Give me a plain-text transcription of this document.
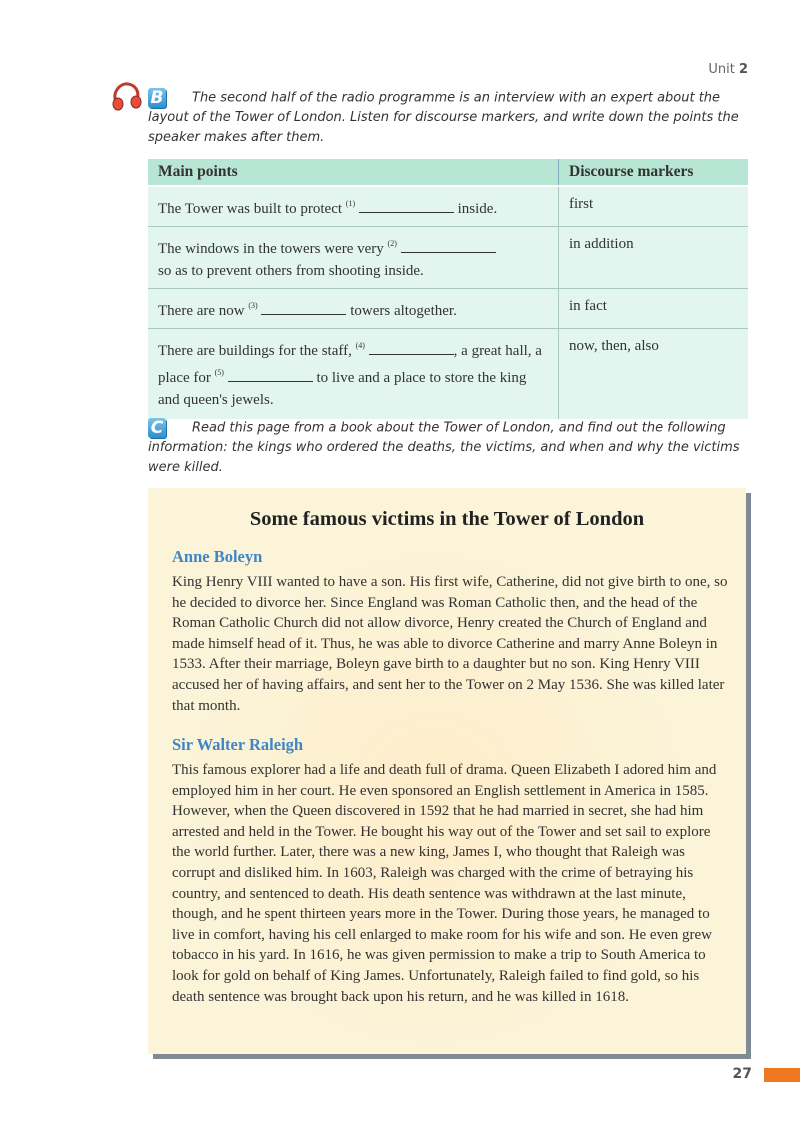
Unit 2

B The second half of the radio programme is an interview with an expert about the layout of the Tower of London. Listen for discourse markers, and write down the points the speaker makes after them.

Main points	Discourse markers
The Tower was built to protect $^{(1)}$ inside.	first
The windows in the towers were very $^{(2)}$
so as to prevent others from shooting inside.	in addition
There are now $^{(3)}$ towers altogether.	in fact
There are buildings for the staff, $^{(4)}$ , a great hall, a place for $^{(5)}$ to live and a place to store the king and queen's jewels.	now, then, also

C Read this page from a book about the Tower of London, and find out the following information: the kings who ordered the deaths, the victims, and when and why the victims were killed.

Some famous victims in the Tower of London
Anne Boleyn

King Henry VIII wanted to have a son. His first wife, Catherine, did not give birth to one, so he decided to divorce her. Since England was Roman Catholic then, and the head of the Roman Catholic Church did not allow divorce, Henry created the Church of England and made himself head of it. Thus, he was able to divorce Catherine and marry Anne Boleyn in 1533. After their marriage, Boleyn gave birth to a daughter but no son. King Henry VIII accused her of having affairs, and sent her to the Tower on 2 May 1536. She was killed later that month.

Sir Walter Raleigh

This famous explorer had a life and death full of drama. Queen Elizabeth I adored him and employed him in her court. He even sponsored an English settlement in America in 1585. However, when the Queen discovered in 1592 that he had married in secret, she had him arrested and held in the Tower. He bought his way out of the Tower and set sail to explore the world further. Later, there was a new king, James I, who thought that Raleigh was corrupt and disliked him. In 1603, Raleigh was charged with the crime of betraying his country, and sentenced to death. His death sentence was withdrawn at the last minute, though, and he spent thirteen years more in the Tower. During those years, he managed to live in comfort, having his cell enlarged to make room for his wife and son. He even grew tobacco in his yard. In 1616, he was given permission to make a trip to South America to look for gold on behalf of King James. Unfortunately, Raleigh failed to find gold, so his death sentence was brought back upon his return, and he was killed in 1618.

27
